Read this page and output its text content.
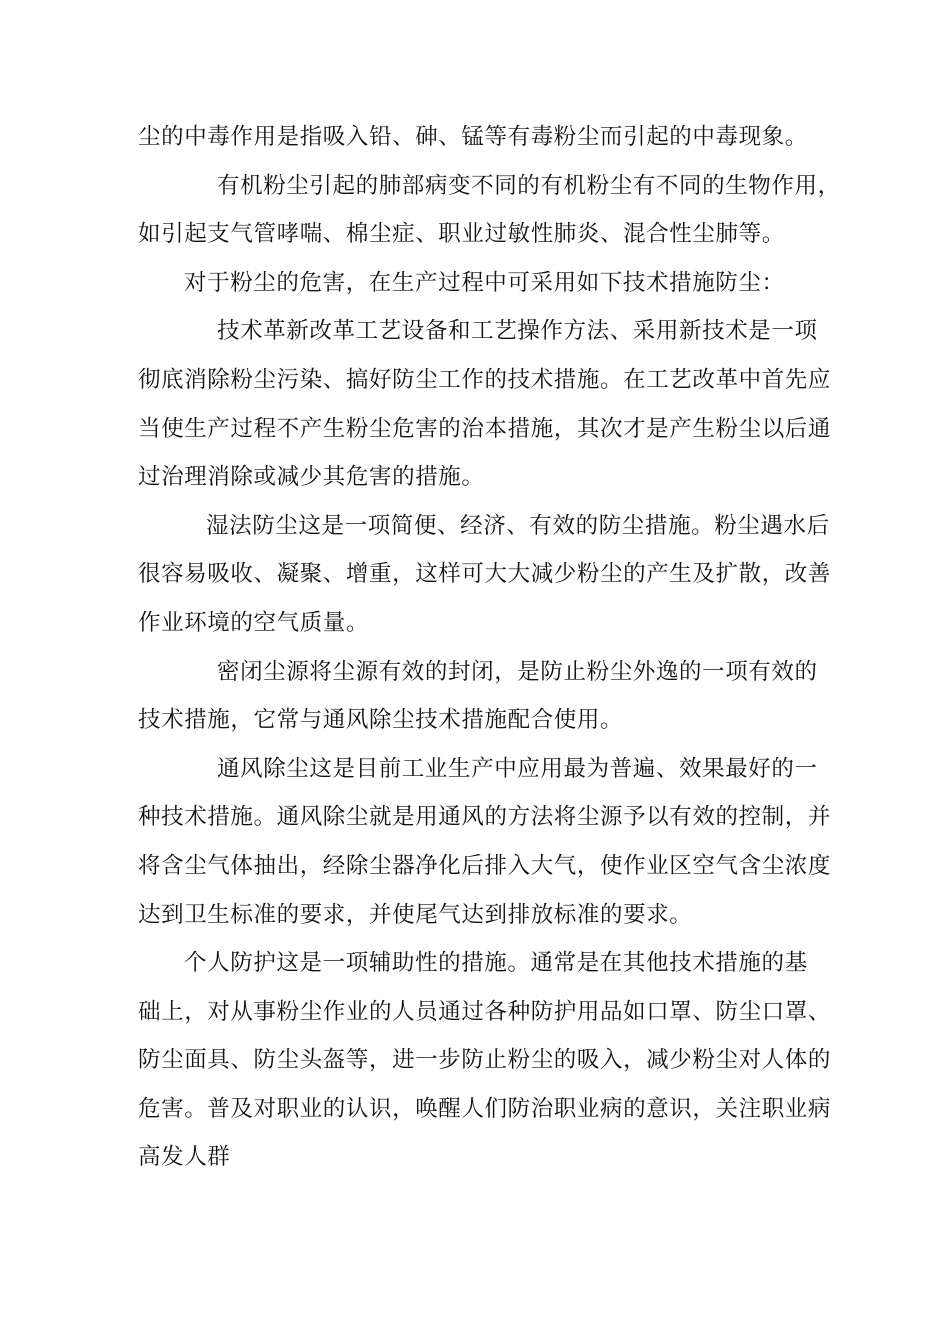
尘的中毒作用是指吸入铅、砷、锰等有毒粉尘而引起的中毒现象。
有机粉尘引起的肺部病变不同的有机粉尘有不同的生物作用，
如引起支气管哮喘、棉尘症、职业过敏性肺炎、混合性尘肺等。
对于粉尘的危害，在生产过程中可采用如下技术措施防尘：
技术革新改革工艺设备和工艺操作方法、采用新技术是一项
彻底消除粉尘污染、搞好防尘工作的技术措施。在工艺改革中首先应
当使生产过程不产生粉尘危害的治本措施，其次才是产生粉尘以后通
过治理消除或减少其危害的措施。
湿法防尘这是一项简便、经济、有效的防尘措施。粉尘遇水后
很容易吸收、凝聚、增重，这样可大大减少粉尘的产生及扩散，改善
作业环境的空气质量。
密闭尘源将尘源有效的封闭，是防止粉尘外逸的一项有效的
技术措施，它常与通风除尘技术措施配合使用。
通风除尘这是目前工业生产中应用最为普遍、效果最好的一
种技术措施。通风除尘就是用通风的方法将尘源予以有效的控制，并
将含尘气体抽出，经除尘器净化后排入大气，使作业区空气含尘浓度
达到卫生标准的要求，并使尾气达到排放标准的要求。
个人防护这是一项辅助性的措施。通常是在其他技术措施的基
础上，对从事粉尘作业的人员通过各种防护用品如口罩、防尘口罩、
防尘面具、防尘头盔等，进一步防止粉尘的吸入，减少粉尘对人体的
危害。普及对职业的认识，唤醒人们防治职业病的意识，关注职业病
高发人群
